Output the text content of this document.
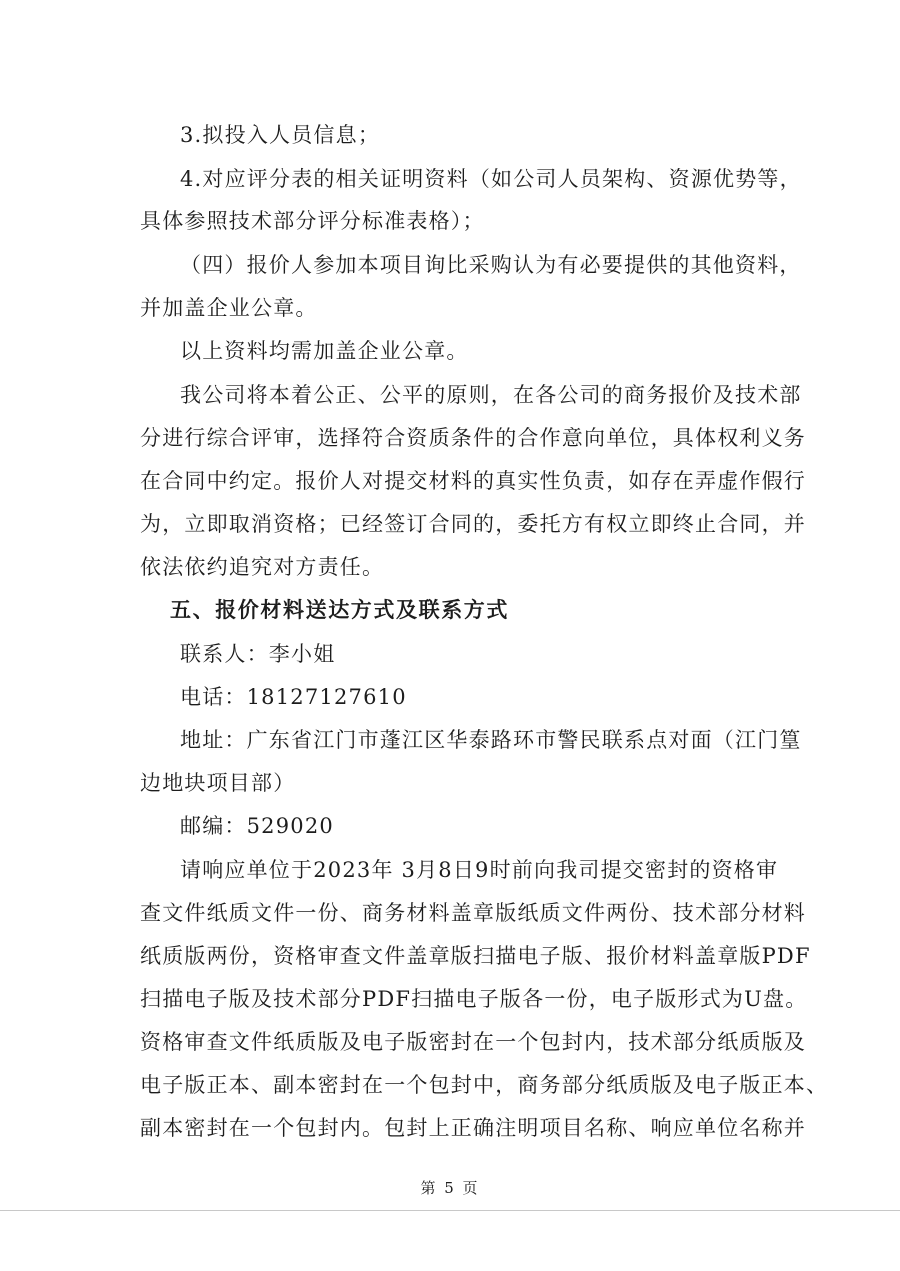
3.拟投入人员信息；
4.对应评分表的相关证明资料（如公司人员架构、资源优势等，
具体参照技术部分评分标准表格）；
（四）报价人参加本项目询比采购认为有必要提供的其他资料，
并加盖企业公章。
以上资料均需加盖企业公章。
我公司将本着公正、公平的原则，在各公司的商务报价及技术部
分进行综合评审，选择符合资质条件的合作意向单位，具体权利义务
在合同中约定。报价人对提交材料的真实性负责，如存在弄虚作假行
为，立即取消资格；已经签订合同的，委托方有权立即终止合同，并
依法依约追究对方责任。
五、报价材料送达方式及联系方式
联系人：李小姐
电话：18127127610
地址：广东省江门市蓬江区华泰路环市警民联系点对面（江门篁
边地块项目部）
邮编：529020
请响应单位于2023年 3月8日9时前向我司提交密封的资格审
查文件纸质文件一份、商务材料盖章版纸质文件两份、技术部分材料
纸质版两份，资格审查文件盖章版扫描电子版、报价材料盖章版PDF
扫描电子版及技术部分PDF扫描电子版各一份，电子版形式为U盘。
资格审查文件纸质版及电子版密封在一个包封内，技术部分纸质版及
电子版正本、副本密封在一个包封中，商务部分纸质版及电子版正本、
副本密封在一个包封内。包封上正确注明项目名称、响应单位名称并
第 5 页
